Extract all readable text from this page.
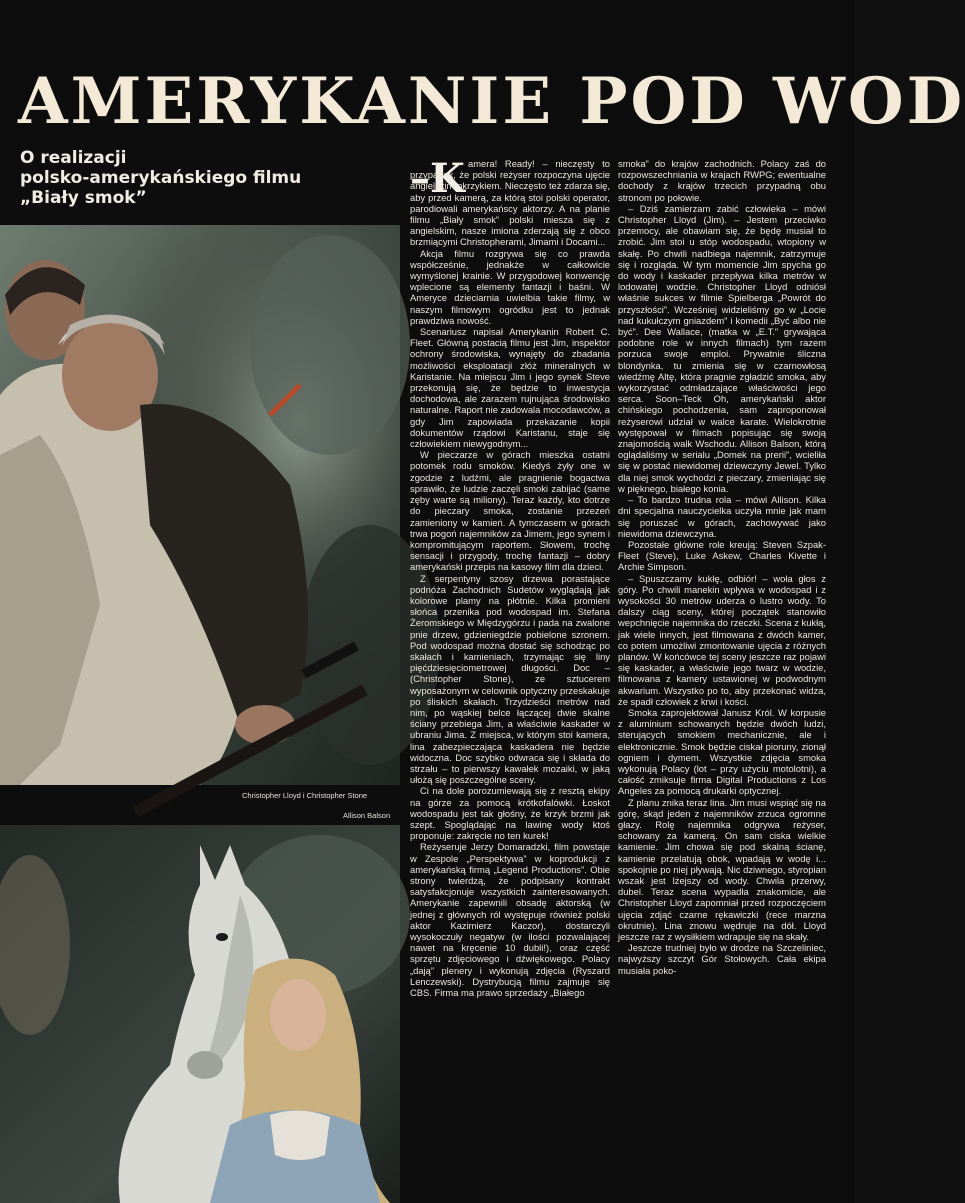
AMERYKANIE POD WOD
O realizacji
polsko-amerykańskiego filmu
„Biały smok”
Christopher Lloyd i Christopher Stone
Allison Balson
–K amera! Ready! – nieczęsty to przypadek, że polski reżyser rozpoczyna ujęcie angielskim okrzykiem. Nieczęsto też zdarza się, aby przed kamerą, za którą stoi polski operator, parodiowali amerykańscy aktorzy. A na planie filmu „Biały smok” polski miesza się z angielskim, nasze imiona zderzają się z obco brzmiącymi Christopherami, Jimami i Docami...

Akcja filmu rozgrywa się co prawda współcześnie, jednakże w całkowicie wymyślonej krainie. W przygodowej konwencję wplecione są elementy fantazji i baśni. W Ameryce dzieciarnia uwielbia takie filmy, w naszym filmowym ogródku jest to jednak prawdziwa nowość.

Scenariusz napisał Amerykanin Robert C. Fleet. Główną postacią filmu jest Jim, inspektor ochrony środowiska, wynajęty do zbadania możliwości eksploatacji złóż mineralnych w Karistanie. Na miejscu Jim i jego synek Steve przekonują się, że będzie to inwestycja dochodowa, ale zarazem rujnująca środowisko naturalne. Raport nie zadowala mocodawców, a gdy Jim zapowiada przekazanie kopii dokumentów rządowi Karistanu, staje się człowiekiem niewygodnym...

W pieczarze w górach mieszka ostatni potomek rodu smoków. Kiedyś żyły one w zgodzie z ludźmi, ale pragnienie bogactwa sprawiło, że ludzie zaczęli smoki zabijać (same zęby warte są miliony). Teraz każdy, kto dotrze do pieczary smoka, zostanie przezeń zamieniony w kamień. A tymczasem w górach trwa pogoń najemników za Jimem, jego synem i kompromitującym raportem. Słowem, trochę sensacji i przygody, trochę fantazji – dobry amerykański przepis na kasowy film dla dzieci.

Z serpentyny szosy drzewa porastające podnóża Zachodnich Sudetów wyglądają jak kolorowe plamy na płótnie. Kilka promieni słońca przenika pod wodospad im. Stefana Żeromskiego w Międzygórzu i pada na zwalone pnie drzew, gdzieniegdzie pobielone szronem. Pod wodospad można dostać się schodząc po skałach i kamieniach, trzymając się liny pięćdziesięciometrowej długości. Doc – (Christopher Stone), ze sztucerem wyposażonym w celownik optyczny przeskakuje po śliskich skałach. Trzydzieści metrów nad nim, po wąskiej belce łączącej dwie skalne ściany przebiega Jim, a właściwie kaskader w ubraniu Jima. Z miejsca, w którym stoi kamera, lina zabezpieczająca kaskadera nie będzie widoczna. Doc szybko odwraca się i składa do strzału – to pierwszy kawałek mozaiki, w jaką ułożą się poszczególne sceny.

Ci na dole porozumiewają się z resztą ekipy na górze za pomocą krótkofalówki. Łoskot wodospadu jest tak głośny, że krzyk brzmi jak szept. Spoglądając na lawinę wody ktoś proponuje: zakręcie no ten kurek!

Reżyseruje Jerzy Domaradzki, film powstaje w Zespole „Perspektywa” w koprodukcji z amerykańską firmą „Legend Productions”. Obie strony twierdzą, że podpisany kontrakt satysfakcjonuje wszystkich zainteresowanych. Amerykanie zapewnili obsadę aktorską (w jednej z głównych ról występuje również polski aktor Kazimierz Kaczor), dostarczyli wysokoczuły negatyw (w ilości pozwalającej nawet na kręcenie 10 dubli!), oraz część sprzętu zdjęciowego i dźwiękowego. Polacy „dają” plenery i wykonują zdjęcia (Ryszard Lenczewski). Dystrybucją filmu zajmuje się CBS. Firma ma prawo sprzedaży „Białego

smoka” do krajów zachodnich. Polacy zaś do rozpowszechniania w krajach RWPG; ewentualne dochody z krajów trzecich przypadną obu stronom po połowie.

– Dziś zamierzam zabić człowieka – mówi Christopher Lloyd (Jim). – Jestem przeciwko przemocy, ale obawiam się, że będę musiał to zrobić. Jim stoi u stóp wodospadu, wtopiony w skałę. Po chwili nadbiega najemnik, zatrzymuje się i rozgląda. W tym momencie Jim spycha go do wody i kaskader przepływa kilka metrów w lodowatej wodzie. Christopher Lloyd odniósł właśnie sukces w filmie Spielberga „Powrót do przyszłości”. Wcześniej widzieliśmy go w „Locie nad kukułczym gniazdem” i komedii „Być albo nie być”. Dee Wallace, (matka w „E.T.” grywająca podobne role w innych filmach) tym razem porzuca swoje emploi. Prywatnie śliczna blondynka, tu zmienia się w czarnowłosą wiedźmę Altę, która pragnie zgładzić smoka, aby wykorzystać odmładzające właściwości jego serca. Soon–Teck Oh, amerykański aktor chińskiego pochodzenia, sam zaproponował reżyserowi udział w walce karate. Wielokrotnie występował w filmach popisując się swoją znajomością walk Wschodu. Allison Balson, którą oglądaliśmy w serialu „Domek na prerii”, wcieliła się w postać niewidomej dziewczyny Jewel. Tylko dla niej smok wychodzi z pieczary, zmieniając się w pięknego, białego konia.

– To bardzo trudna rola – mówi Allison. Kilka dni specjalna nauczycielka uczyła mnie jak mam się poruszać w górach, zachowywać jako niewidoma dziewczyna.

Pozostałe główne role kreują: Steven Szpak-Fleet (Steve), Luke Askew, Charles Kivette i Archie Simpson.

– Spuszczamy kukłę, odbiór! – woła głos z góry. Po chwili manekin wpływa w wodospad i z wysokości 30 metrów uderza o lustro wody. To dalszy ciąg sceny, której początek stanowiło wepchnięcie najemnika do rzeczki. Scena z kukłą, jak wiele innych, jest filmowana z dwóch kamer, co potem umożliwi zmontowanie ujęcia z różnych planów. W końcówce tej sceny jeszcze raz pojawi się kaskader, a właściwie jego twarz w wodzie, filmowana z kamery ustawionej w podwodnym akwarium. Wszystko po to, aby przekonać widza, że spadł człowiek z krwi i kości.

Smoka zaprojektował Janusz Król. W korpusie z aluminium schowanych będzie dwóch ludzi, sterujących smokiem mechanicznie, ale i elektronicznie. Smok będzie ciskał pioruny, zionął ogniem i dymem. Wszystkie zdjęcia smoka wykonują Polacy (lot – przy użyciu motolotni), a całość zmiksuje firma Digital Productions z Los Angeles za pomocą drukarki optycznej.

Z planu znika teraz lina. Jim musi wspiąć się na górę, skąd jeden z najemników zrzuca ogromne głazy. Rolę najemnika odgrywa reżyser, schowany za kamerą. On sam ciska wielkie kamienie. Jim chowa się pod skalną ścianę, kamienie przelatują obok, wpadają w wodę i... spokojnie po niej pływają. Nic dziwnego, styropian wszak jest lżejszy od wody. Chwila przerwy, dubel. Teraz scena wypadła znakomicie, ale Christopher Lloyd zapomniał przed rozpoczęciem ujęcia zdjąć czarne rękawiczki (rece marzna okrutnie). Lina znowu wędruje na dół. Lloyd jeszcze raz z wysiłkiem wdrapuje się na skały.

Jeszcze trudniej było w drodze na Szczeliniec, najwyższy szczyt Gór Stołowych. Cała ekipa musiała poko-
